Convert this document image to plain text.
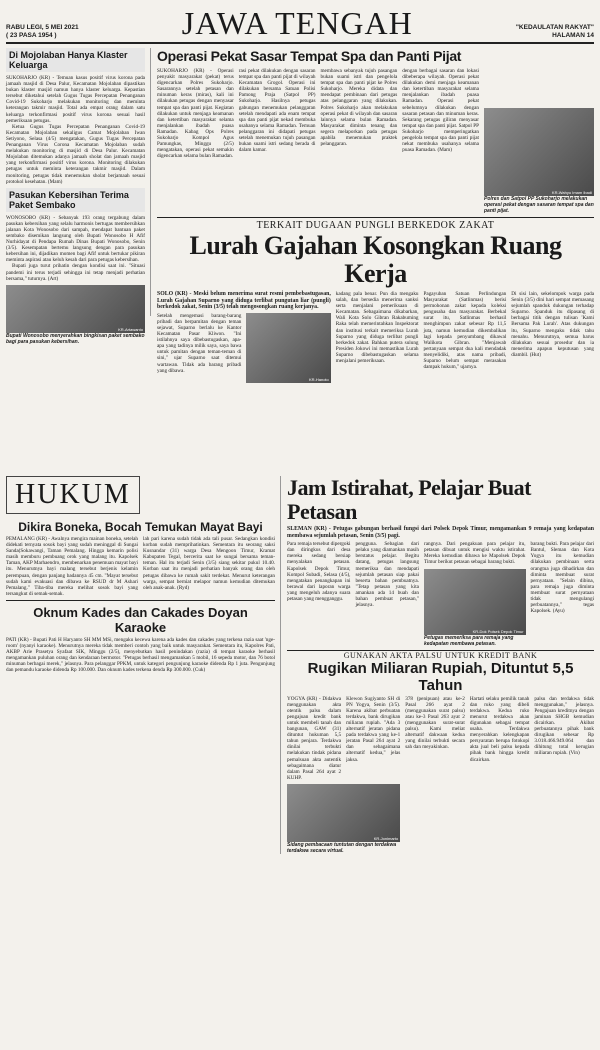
RABU LEGI, 5 MEI 2021
( 23 PASA 1954 )	JAWA TENGAH	"KEDAULATAN RAKYAT"
HALAMAN 14
Di Mojolaban Hanya Klaster Keluarga

SUKOHARJO (KR) - Temuan kasus positif virus korona pada jamaah masjid di Desa Palur, Kecamatan Mojolaban dipastikan bukan klaster masjid namun hanya klaster keluarga. Kepastian tersebut diketahui setelah Gugus Tugas Percepatan Penanganan Covid-19 Sukoharjo melakukan monitoring dan meminta keterangan takmir masjid. Total ada empat orang dalam satu keluarga terkonfirmasi positif virus korona sesuai hasil pemeriksaan petugas.

Ketua Gugus Tugas Percepatan Penanganan Covid-19 Kecamatan Mojolaban sekaligus Camat Mojolaban Iwan Setiyono, Selasa (4/5) mengatakan, Gugus Tugas Percepatan Penanganan Virus Corona Kecamatan Mojolaban sudah melakukan monitoring di masjid di Desa Palur. Kecamatan Mojolaban ditemukan adanya jamaah sholat dan jamaah masjid yang terkonfirmasi positif virus korona. Monitoring dilakukan petugas untuk meminta keterangan takmir masjid. Dalam monitoring, petugas tidak menemukan sholat berjamaah sesuai protokol kesehatan. (Mam)

Pasukan Kebersihan Terima Paket Sembako

WONOSOBO (KR) - Sebanyak 193 orang tergabung dalam pasukan kebersihan yang selalu harmonis bertugas membersihkan jalanan Kota Wonosobo dari sampah, mendapat bantuan paket sembako disemikan langsung oleh Bupati Wonosobo H Afif Nurhidayat di Pendapa Rumah Dinas Bupati Wonosobo, Senin (3/5). Kesempatan bertemu langsung dengan para pasukan kebersihan ini, dijadikan momen bagi Afif untuk bertukar pikiran meminta aspirasi atau keluh kesah dari para petugas kebersihan.

Bupati juga turut prihatin dengan kondisi saat ini. "Situasi pandemi ini terus terjadi sehingga ini tetap menjadi perhatian bersama," tuturnya. (Art)

KR-Artawanto
Bupati Wonosobo menyerahkan bingkisan paket sembako bagi para pasukan kebersihan.
Operasi Pekat Sasar Tempat Spa dan Panti Pijat

SUKOHARJO (KR) - Operasi penyakit masyarakat (pekat) terus digencarkan Polres Sukoharjo. Sasarannya setelah petasan dan minuman keras (miras), kali ini dilakukan petugas dengan menyasar tempat spa dan panti pijat. Kegiatan dilakukan untuk menjaga keamanan dan ketertiban masyarakat selama menjalankan ibadah puasa Ramadan. Kabag Ops Polres Sukoharjo Kompol Agus Pamungkas, Minggu (2/5) mengatakan, operasi pekat semakin digencarkan selama bulan Ramadan.

rasi pekat dilakukan dengan sasaran tempat spa dan panti pijat di wilayah Kecamatan Grogol. Operasi ini dilakukan bersama Satuan Polisi Pamong Praja (Satpol PP) Sukoharjo. Hasilnya petugas gabungan menemukan pelanggaran setelah mendapati ada enam tempat spa dan panti pijat nekad membuka usahanya selama Ramadan. Temuan pelanggaran ini didapati petugas setelah menemukan tujuh pasangan bukan suami istri sedang berada di dalam kamar.

membawa sebanyak tujuh pasangan bukan suami istri dan pengelola tempat spa dan panti pijat ke Polres Sukoharjo. Mereka didata dan mendapat pembinaan dari petugas atas pelanggaran yang dilakukan. Polres Sukoharjo akan melakukan operasi pekat di wilayah dan sasaran lainnya selama bulan Ramadan. Masyarakat diminta tenang dan segera melaporkan pada petugas apabila menemukan praktek pelanggaran.

dengan berbagai sasaran dan lokasi dibeberapa wilayah. Operasi pekat dilakukan demi menjaga keamanan dan ketertiban masyarakat selama menjalankan ibadah puasa Ramadan. Operasi pekat sebelumnya dilakukan dengan sasaran petasan dan minuman keras. Sekarang petugas giliran menyasar tempat spa dan panti pijat. Satpol PP Sukoharjo memperingatkan pengelola tempat spa dan panti pijat nekat membuka usahanya selama puasa Ramadan. (Mam)

KR-Wahyu Imam Ibadi
Polres dan Satpol PP Sukoharjo melakukan operasi pekat dengan sasaran tempat spa dan panti pijat.
TERKAIT DUGAAN PUNGLI BERKEDOK ZAKAT
Lurah Gajahan Kosongkan Ruang Kerja

SOLO (KR) - Meski belum menerima surat resmi pembebastugasan, Lurah Gajahan Suparno yang diduga terlibat pungutan liar (pungli) berkedok zakat, Senin (3/5) telah mengosongkan ruang kerjanya.

Setelah mengemasi barang-barang pribadi dan berpamitan dengan teman sejawat, Suparno berlalu ke Kantor Kecamatan Pasar Kliwon. "Ini istilahnya saya dibebastugaskan, apa-apa yang tadinya milik saya, saya bawa untuk pamitan dengan teman-teman di sini," ujar Suparno saat ditemui wartawan. Tidak ada barang pribadi yang dibawa.

KR-Hanoto

kadang pala benar. Pun dia mengaku salah, dan bersedia menerima sanksi serta menjalani pemeriksaan di Kecamatan. Sebagaimana dikabarkan, Wali Kota Solo Gibran Rakabuming Raka telah memerintahkan Inspektorat dan institusi terkait memeriksa Lurah Suparno yang diduga terlibat pungli berkedok zakat. Bahkan putera sulung Presiden Jokowi ini memastikan Lurah Suparno dibebastugaskan selama menjalani pemeriksaan.

Pagayuban Satuan Perlindungan Masyarakat (Satlinmas) berisi permohonan zakat kepada koleksi pengusaha dan masyarakat. Berbekal surat itu, Satlinmas berhasil menghimpun zakat sebesar Rp 11,5 juta, namun kemudian dikembalikan lagi kepada penyumbang dikawal Walikota Gibran. "Menjawab pertanyaan sempat dua kali mendadak menyelidiki, atas nama pribadi, Suparno belum sempat merasakan dampak hukum," ujarnya.

Di sisi lain, sekelompok warga pada Senin (3/5) dini hari sempat memasang sejumlah spanduk dukungan terhadap Suparno. Spanduk itu dipasang di berbagai titik dengan tulisan 'Kami Bersama Pak Lurah'. Atas dukungan itu, Suparno mengaku tidak tahu menahu. Menurutnya, semua harus dilakukan sesuai prosedur dan ia menerima apapun keputusan yang diambil. (Hut)

HUKUM
Dikira Boneka, Bocah Temukan Mayat Bayi

PEMALANG (KR) - Awalnya mengira mainan boneka, setelah didekati ternyata sosok bayi yang sudah meninggal di Sungai Sanda(Sokawangi, Taman Pemalang. Hingga kemarin polisi masih memburu pembuang orok yang malang itu. Kapolsek Taman, AKP Marhaendro, membenarkan penemuan mayat bayi itu. Menurutnya bayi malang tersebut berjenis kelamin perempuan, dengan panjang badannya 45 cm. "Mayat tersebut sudah kami evakuasi dan dibawa ke RSUD dr M Ashari Pemalang." Tiba-tiba mereka melihat sosok bayi yang tersangkut di semak-semak.

lah pari karena sudah tidak ada tali pusar. Sedangkan kondisi korban sudah memprihatinkan. Sementara itu seorang saksi Kusnandar (31) warga Desa Mengoon Timur, Kramat Kabupaten Tegal, bercerita saat ke sungai bersama teman-teman. Hal itu terjadi Senin (3/5) siang sekitar pukul 10.40. Korban saat itu menjadi perhatian banyak orang dan oleh petugas dibawa ke rumah sakit terdekat. Menurut keterangan warga, sempat berniat melapor namun kemudian ditemukan oleh anak-anak. (Ryd)

Oknum Kades dan Cakades Doyan Karaoke

PATI (KR) - Bupati Pati H Haryanto SH MM MSi, mengaku kecewa karena ada kades dan cakades yang terkena razia saat 'nge-room' (nyanyi karaoke). Menurutnya mereka tidak memberi contoh yang baik untuk masyarakat. Sementara itu, Kapolres Pati, AKBP Arie Prasetya Syafaat SIK, Minggu (2/5), menyebutkan hasil penindakan (razia) di tempat karaoke berhasil mengamankan puluhan orang dan kendaraan bermotor. "Petugas berhasil mengamankan 5 mobil, 16 sepeda motor, dan 76 botol minuman berbagai merek," jelasnya. Para pelanggar PPKM, untuk kategori pengunjung karaoke didenda Rp 1 juta. Pengunjung dan pemandu karaoke didenda Rp 100.000. Dan oknum kades terkena denda Rp 300.000. (Cuk)

Jam Istirahat, Pelajar Buat Petasan

SLEMAN (KR) - Petugas gabungan berhasil fungsi dari Polsek Depok Timur, mengamankan 9 remaja yang kedapatan membawa sejumlah petasan, Senin (3/5) pagi.

Para remaja tersebut dipergoki dan diringkus dari desa mereka sedang bersiap menyalakan petasan. Kapolsek Depok Timur, Kompol Subadi, Selasa (4/5), mengatakan penangkapan ini berawal dari laporan warga yang mengeluh adanya suara petasan yang mengganggu.

pengguna. Sebagian dari pelaku yang diamankan masih berstatus pelajar. Begitu datang, petugas langsung memeriksa dan mendapati sejumlah petasan siap pakai beserta bahan pembuatnya. "Tetap petasan yang kita amankan ada 14 buah dan bahan pembuat petasan," jelasnya.

rangnya. Dari pengakuan para pelajar itu, petasan dibuat untuk mengisi waktu istirahat. Mereka kemudian dibawa ke Mapolsek Depok Timur berikut petasan sebagai barang bukti.

KR-Dok Polsek Depok Timur
Petugas memeriksa para remaja yang kedapatan membawa petasan.

barang bukti. Para pelajar dari Bantul, Sleman dan Kota Yogya itu kemudian dilakukan pembinaan serta orangtua juga dihadirkan dan diminta membuat surat pernyataan. "Selain dibina, para remaja juga diminta membuat surat pernyataan tidak mengulangi perbuatannya," tegas Kapolsek. (Ayu)

GUNAKAN AKTA PALSU UNTUK KREDIT BANK
Rugikan Miliaran Rupiah, Dituntut 5,5 Tahun

YOGYA (KR) - Didakwa menggunakan akta otentik palsu dalam pengajuan kredit bank untuk membeli tanah dan bangunan, GAW (31) dituntut hukuman 5,5 tahun penjara. Terdakwa dinilai terbukti melakukan tindak pidana pemalsuan akta autentik sebagaimana diatur dalam Pasal 264 ayat 2 KUHP.

Klewon Sugiyanto SH di PN Yogya, Senin (3/5). Karena akibat perbuatan terdakwa, bank dirugikan miliaran rupiah. "Ada 3 alternatif jeratan pidana pada terdakwa yang ke-1 jeratan Pasal 264 ayat 2 dan sebagaimana alternatif kedua," jelas jaksa.

KR-Jonimarto
Sidang pembacaan tuntutan dengan terdakwa terdakwa secara virtual.

378 (penipuan) atau ke-2 Pasal 266 ayat 2 (menggunakan surat palsu) atau ke-3 Pasal 263 ayat 2 (menggunakan surat-surat palsu). Kami meliat alternatif dakwaan kedua yang dinilai terbukti secara sah dan meyakinkan.

Hartati selaku pemilik tanah dan ruko yang dibeli terdakwa. Kedua ruko menurut terdakwa akan digunakan sebagai tempat usaha. Terdakwa menyerahkan kelengkapan persyaratan berupa fotokopi akta jual beli palsu kepada pihak bank hingga kredit dicairkan.

palsu dan terdakwa tidak menggunakan," jelasnya. Pengajuan kreditnya dengan jaminan SHGB kemudian dicairkan. Akibat perbuatannya pihak bank dirugikan sebesar Rp 3.018.466.949.064 dan dihitung total kerugian miliaran rupiah. (Vin)
